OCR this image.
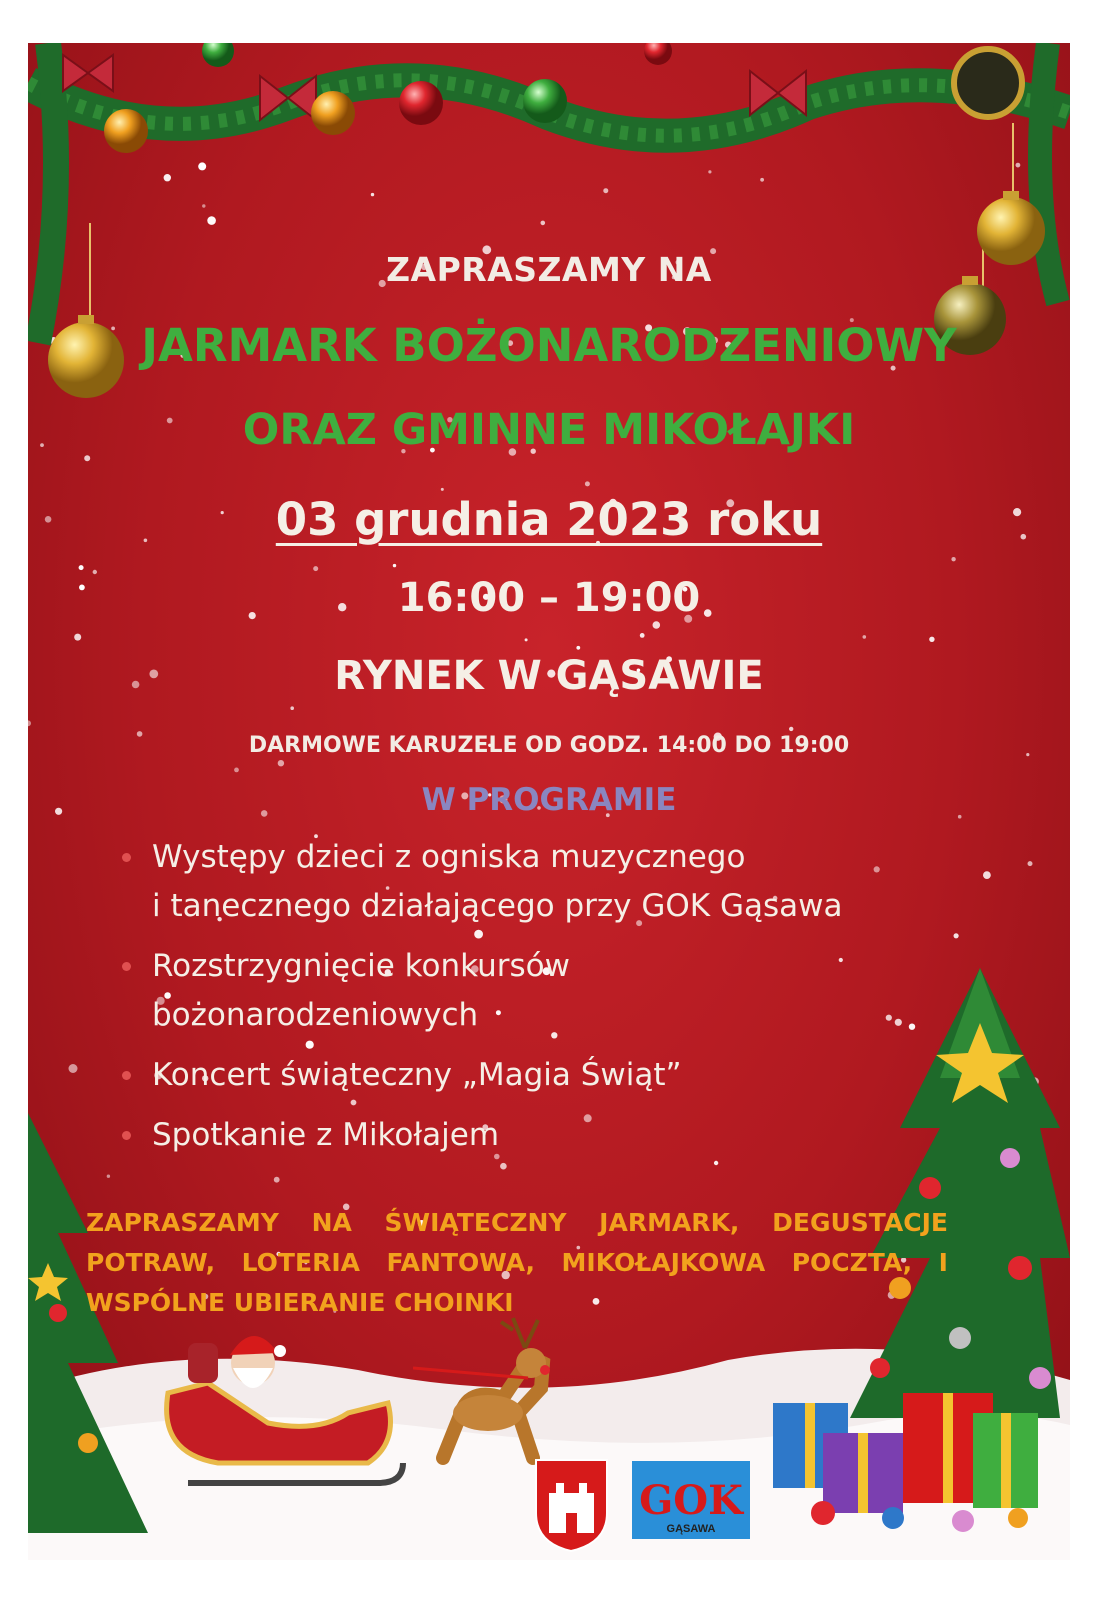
ZAPRASZAMY NA
JARMARK BOŻONARODZENIOWY
ORAZ GMINNE MIKOŁAJKI
03 grudnia 2023 roku
16:00 – 19:00
RYNEK W GĄSAWIE
DARMOWE KARUZELE OD GODZ. 14:00 DO 19:00
W PROGRAMIE
Występy dzieci z ogniska muzycznego
i tanecznego działającego przy GOK Gąsawa
Rozstrzygnięcie konkursów
bożonarodzeniowych
Koncert świąteczny „Magia Świąt”
Spotkanie z Mikołajem
GOK
GĄSAWA
ZAPRASZAMY NA ŚWIĄTECZNY JARMARK, DEGUSTACJE POTRAW, LOTERIA FANTOWA, MIKOŁAJKOWA POCZTA, I WSPÓLNE UBIERANIE CHOINKI
